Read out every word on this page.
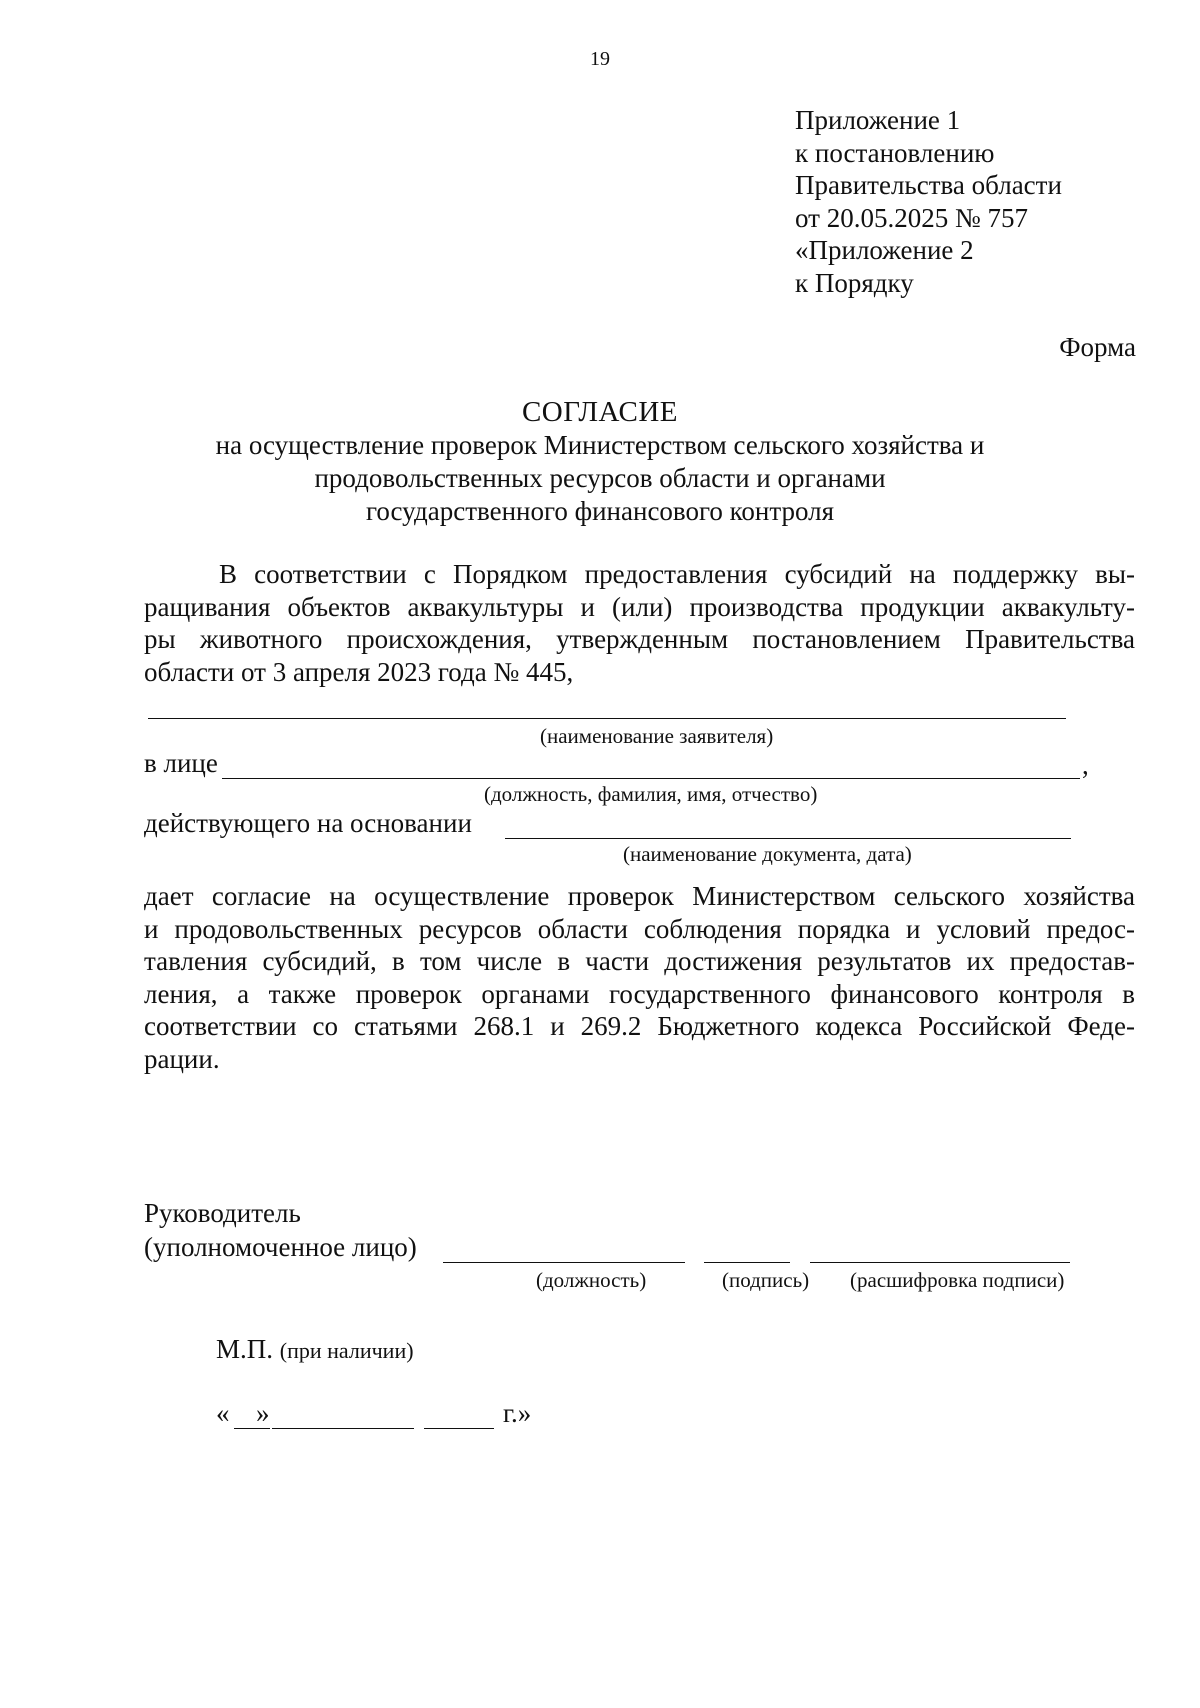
19
Приложение 1
к постановлению
Правительства области
от 20.05.2025 № 757
«Приложение 2
к Порядку
Форма
СОГЛАСИЕ
на осуществление проверок Министерством сельского хозяйства и
продовольственных ресурсов области и органами
государственного финансового контроля
В соответствии с Порядком предоставления субсидий на поддержку вы-
ращивания объектов аквакультуры и (или) производства продукции аквакульту-
ры животного происхождения, утвержденным постановлением Правительства
области от 3 апреля 2023 года № 445,
(наименование заявителя)
в лице	,
(должность, фамилия, имя, отчество)
действующего на основании
(наименование документа, дата)
дает согласие на осуществление проверок Министерством сельского хозяйства
и продовольственных ресурсов области соблюдения порядка и условий предос-
тавления субсидий, в том числе в части достижения результатов их предостав-
ления, а также проверок органами государственного финансового контроля в
соответствии со статьями 268.1 и 269.2 Бюджетного кодекса Российской Феде-
рации.
Руководитель
(уполномоченное лицо)
(должность)	(подпись) (расшифровка подписи)
М.П. (при наличии)
« »	г.»
